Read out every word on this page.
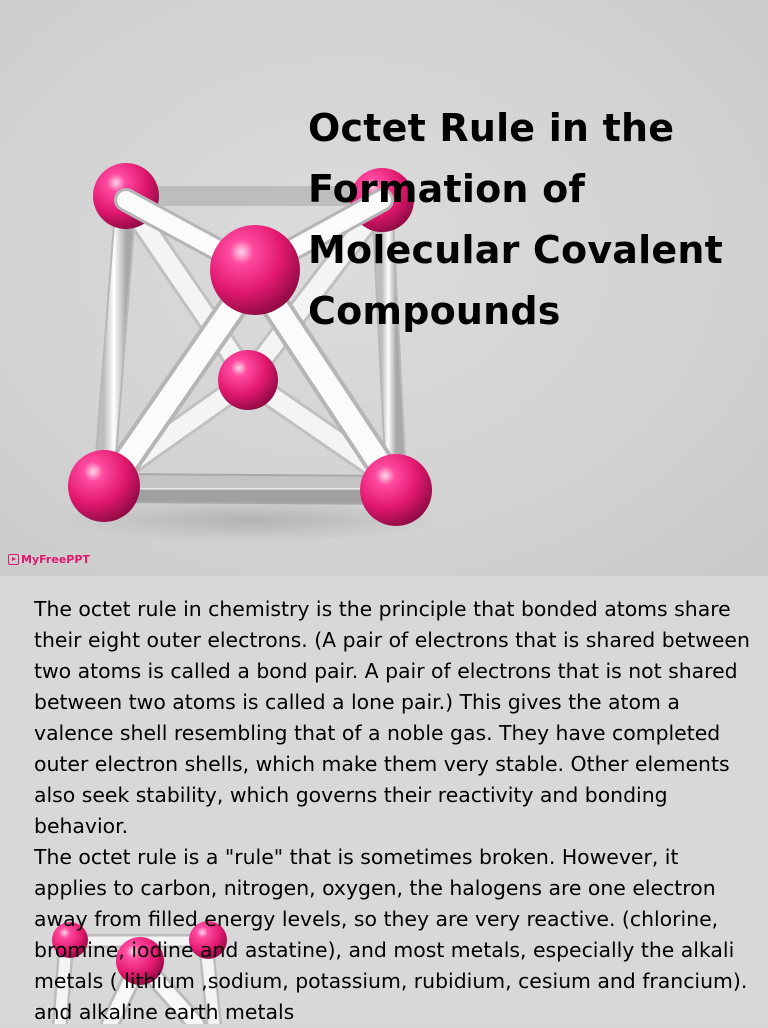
Octet Rule in the Formation of Molecular Covalent Compounds
MyFreePPT

The octet rule in chemistry is the principle that bonded atoms share their eight outer electrons. (A pair of electrons that is shared between two atoms is called a bond pair. A pair of electrons that is not shared between two atoms is called a lone pair.) This gives the atom a valence shell resembling that of a noble gas. They have completed outer electron shells, which make them very stable. Other elements also seek stability, which governs their reactivity and bonding behavior.

The octet rule is a "rule" that is sometimes broken. However, it applies to carbon, nitrogen, oxygen, the halogens are one electron away from filled energy levels, so they are very reactive. (chlorine, bromine, iodine and astatine), and most metals, especially the alkali metals ( lithium ,sodium, potassium, rubidium, cesium and francium). and alkaline earth metals
